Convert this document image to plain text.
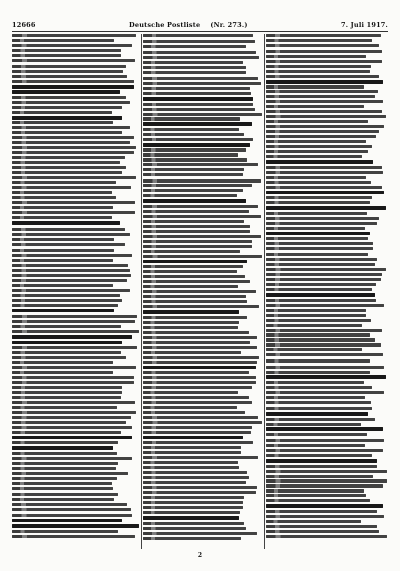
12666	Deutsche Postliste (Nr. 273.)	7. Juli 1917.
2
